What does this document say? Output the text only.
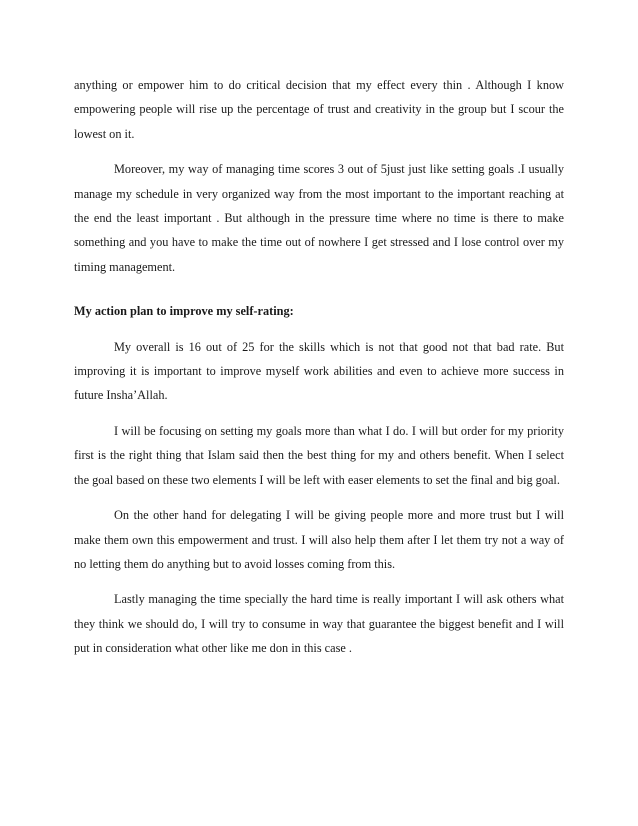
anything or empower him to do critical decision that my effect every thin . Although I know empowering people will rise up the percentage of trust and creativity in the group but I scour the lowest on it.

Moreover, my way of managing time scores 3 out of 5just just like setting goals .I usually manage my schedule in very organized way from the most important to the important reaching at the end the least important . But although in the pressure time where no time is there to make something and you have to make the time out of nowhere I get stressed and I lose control over my timing management.

My action plan to improve my self-rating:

My overall is 16 out of 25 for the skills which is not that good not that bad rate. But improving it is important to improve myself work abilities and even to achieve more success in future Insha’Allah.

I will be focusing on setting my goals more than what I do. I will but order for my priority first is the right thing that Islam said then the best thing for my and others benefit. When I select the goal based on these two elements I will be left with easer elements to set the final and big goal.

On the other hand for delegating I will be giving people more and more trust but I will make them own this empowerment and trust. I will also help them after I let them try not a way of no letting them do anything but to avoid losses coming from this.

Lastly managing the time specially the hard time is really important I will ask others what they think we should do, I will try to consume in way that guarantee the biggest benefit and I will put in consideration what other like me don in this case .
